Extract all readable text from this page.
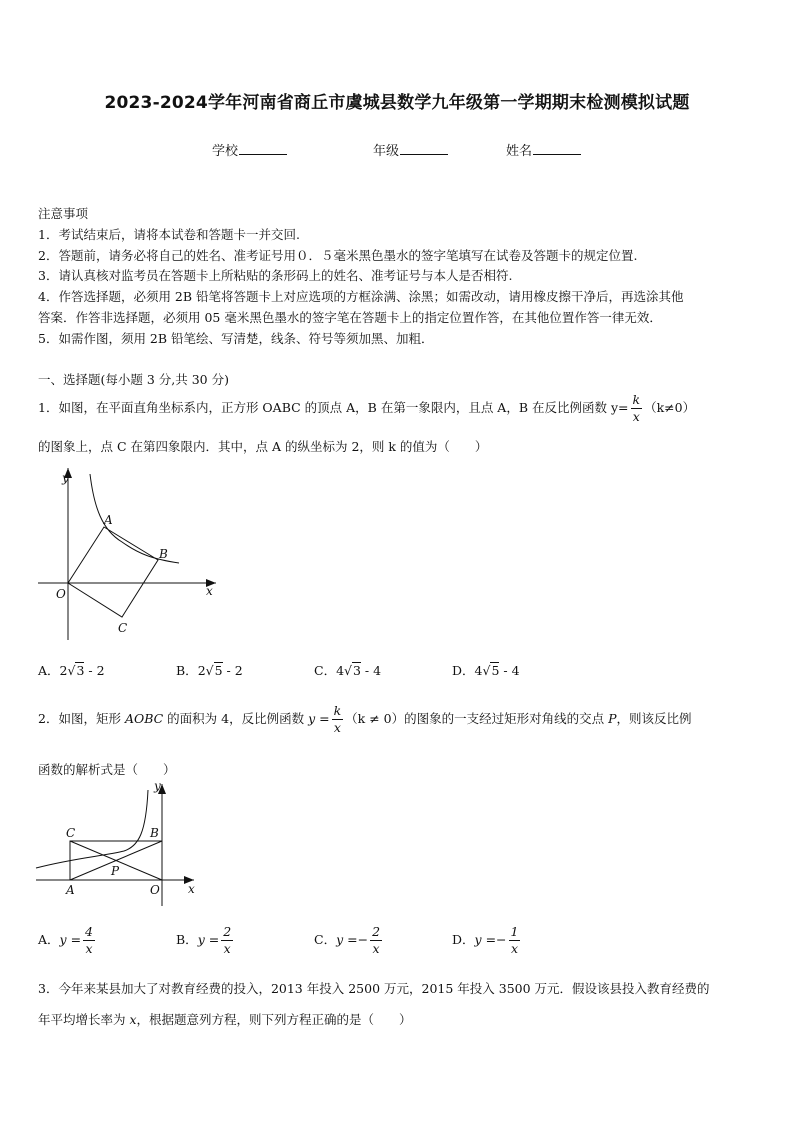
2023-2024学年河南省商丘市虞城县数学九年级第一学期期末检测模拟试题
学校	年级	姓名
注意事项
1．考试结束后，请将本试卷和答题卡一并交回.
2．答题前，请务必将自己的姓名、准考证号用０．５毫米黑色墨水的签字笔填写在试卷及答题卡的规定位置.
3．请认真核对监考员在答题卡上所粘贴的条形码上的姓名、准考证号与本人是否相符.
4．作答选择题，必须用 2B 铅笔将答题卡上对应选项的方框涂满、涂黑；如需改动，请用橡皮擦干净后，再选涂其他
答案．作答非选择题，必须用 05 毫米黑色墨水的签字笔在答题卡上的指定位置作答，在其他位置作答一律无效．
5．如需作图，须用 2B 铅笔绘、写清楚，线条、符号等须加黑、加粗．
一、选择题(每小题 3 分,共 30 分)
1．如图，在平面直角坐标系内，正方形 OABC 的顶点 A，B 在第一象限内，且点 A，B 在反比例函数 $y= \frac{k}{x} (k\ne 0)$
的图象上，点 C 在第四象限内．其中，点 A 的纵坐标为 2，则 k 的值为（　　）
y
x
O
A
B
C
A．2√3 - 2	B．2√5 - 2	C．4√3 - 4	D．4√5 - 4
2．如图，矩形 AOBC 的面积为 4，反比例函数 $y = \frac{k}{x} (k \ne 0)$的图象的一支经过矩形对角线的交点 P，则该反比例
函数的解析式是（　　）
y
x
O
A
B
C
P
A．$y = \frac{4}{x}$	B．$y = \frac{2}{x}$	C．$y =- \frac{2}{x}$	D．$y =- \frac{1}{x}$
3．今年来某县加大了对教育经费的投入，2013 年投入 2500 万元，2015 年投入 3500 万元．假设该县投入教育经费的
年平均增长率为 x，根据题意列方程，则下列方程正确的是（　　）
